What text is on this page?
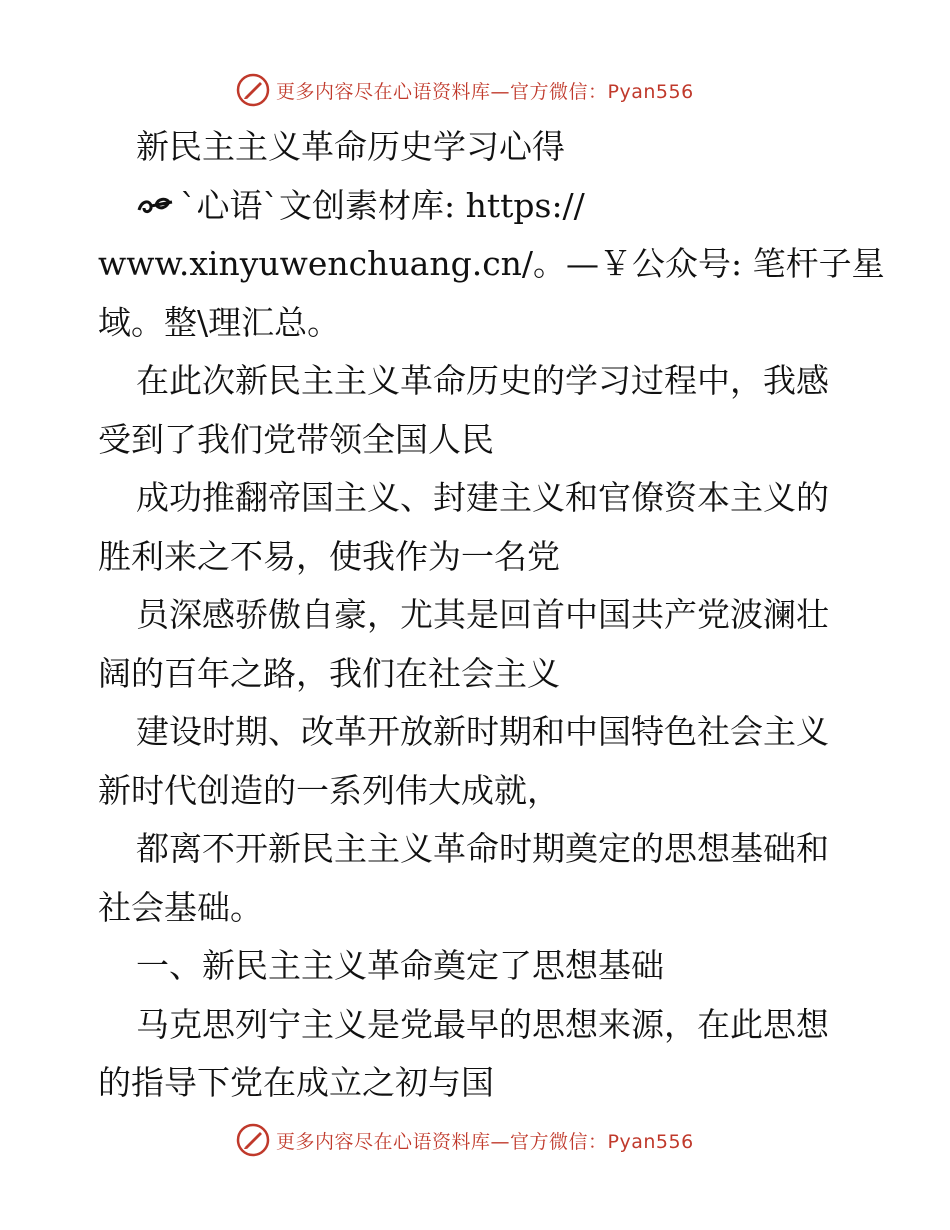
更多内容尽在心语资料库—官方微信：Pyan556
新民主主义革命历史学习心得
`心语`文创素材库: https://
www.xinyuwenchuang.cn/。—￥公众号: 笔杆子星
域。整\理汇总。
在此次新民主主义革命历史的学习过程中，我感
受到了我们党带领全国人民
成功推翻帝国主义、封建主义和官僚资本主义的
胜利来之不易，使我作为一名党
员深感骄傲自豪，尤其是回首中国共产党波澜壮
阔的百年之路，我们在社会主义
建设时期、改革开放新时期和中国特色社会主义
新时代创造的一系列伟大成就，
都离不开新民主主义革命时期奠定的思想基础和
社会基础。
一、新民主主义革命奠定了思想基础
马克思列宁主义是党最早的思想来源，在此思想
的指导下党在成立之初与国
更多内容尽在心语资料库—官方微信：Pyan556
